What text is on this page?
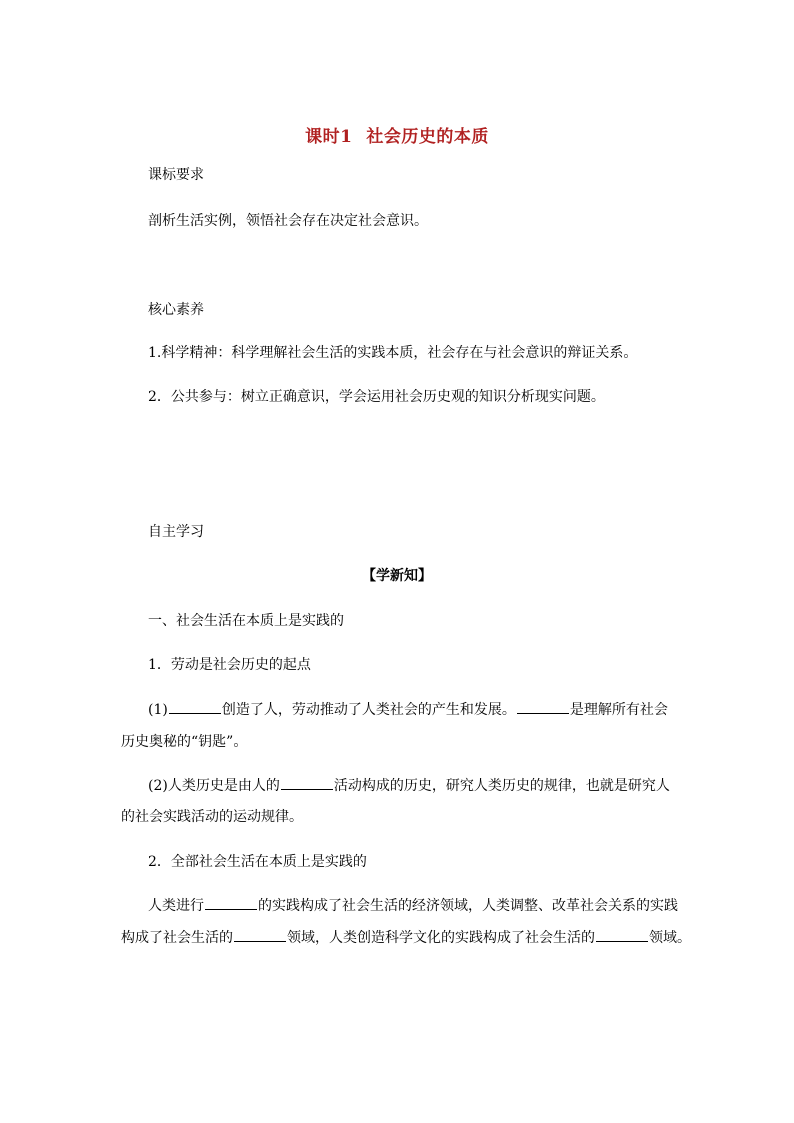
课时1 社会历史的本质
课标要求
剖析生活实例，领悟社会存在决定社会意识。
核心素养
1.科学精神：科学理解社会生活的实践本质，社会存在与社会意识的辩证关系。
2．公共参与：树立正确意识，学会运用社会历史观的知识分析现实问题。
自主学习
【学新知】
一、社会生活在本质上是实践的
1．劳动是社会历史的起点
(1)	创造了人，劳动推动了人类社会的产生和发展。	是理解所有社会
历史奥秘的“钥匙”。
(2)人类历史是由人的	活动构成的历史，研究人类历史的规律，也就是研究人
的社会实践活动的运动规律。
2．全部社会生活在本质上是实践的
人类进行	的实践构成了社会生活的经济领域，人类调整、改革社会关系的实践
构成了社会生活的	领域，人类创造科学文化的实践构成了社会生活的	领域。
